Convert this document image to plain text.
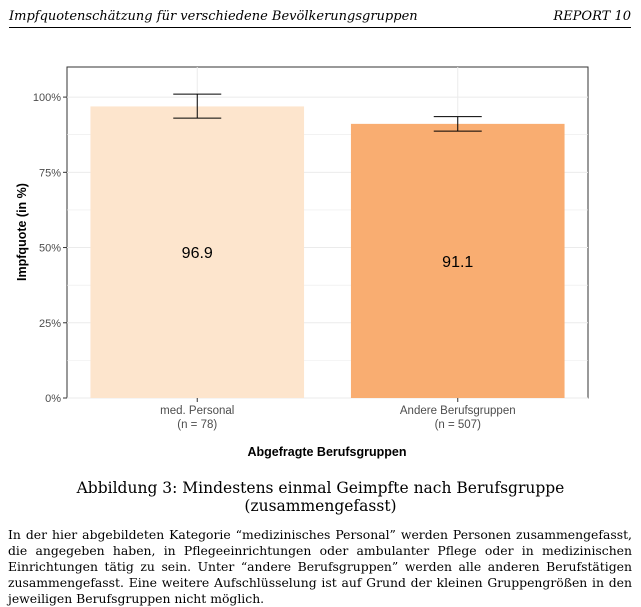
Impfquotenschätzung für verschiedene Bevölkerungsgruppen	REPORT 10
96.9
91.1
0%
25%
50%
75%
100%
med. Personal
(n = 78)
Andere Berufsgruppen
(n = 507)
Impfquote (in %)
Abgefragte Berufsgruppen
Abbildung 3: Mindestens einmal Geimpfte nach Berufsgruppe (zusammengefasst)
In der hier abgebildeten Kategorie “medizinisches Personal” werden Personen zusammengefasst, die angegeben haben, in Pflegeeinrichtungen oder ambulanter Pflege oder in medizinischen Einrichtungen tätig zu sein. Unter “andere Berufsgruppen” werden alle anderen Berufstätigen zusammengefasst. Eine weitere Aufschlüsselung ist auf Grund der kleinen Gruppengrößen in den jeweiligen Berufsgruppen nicht möglich.
